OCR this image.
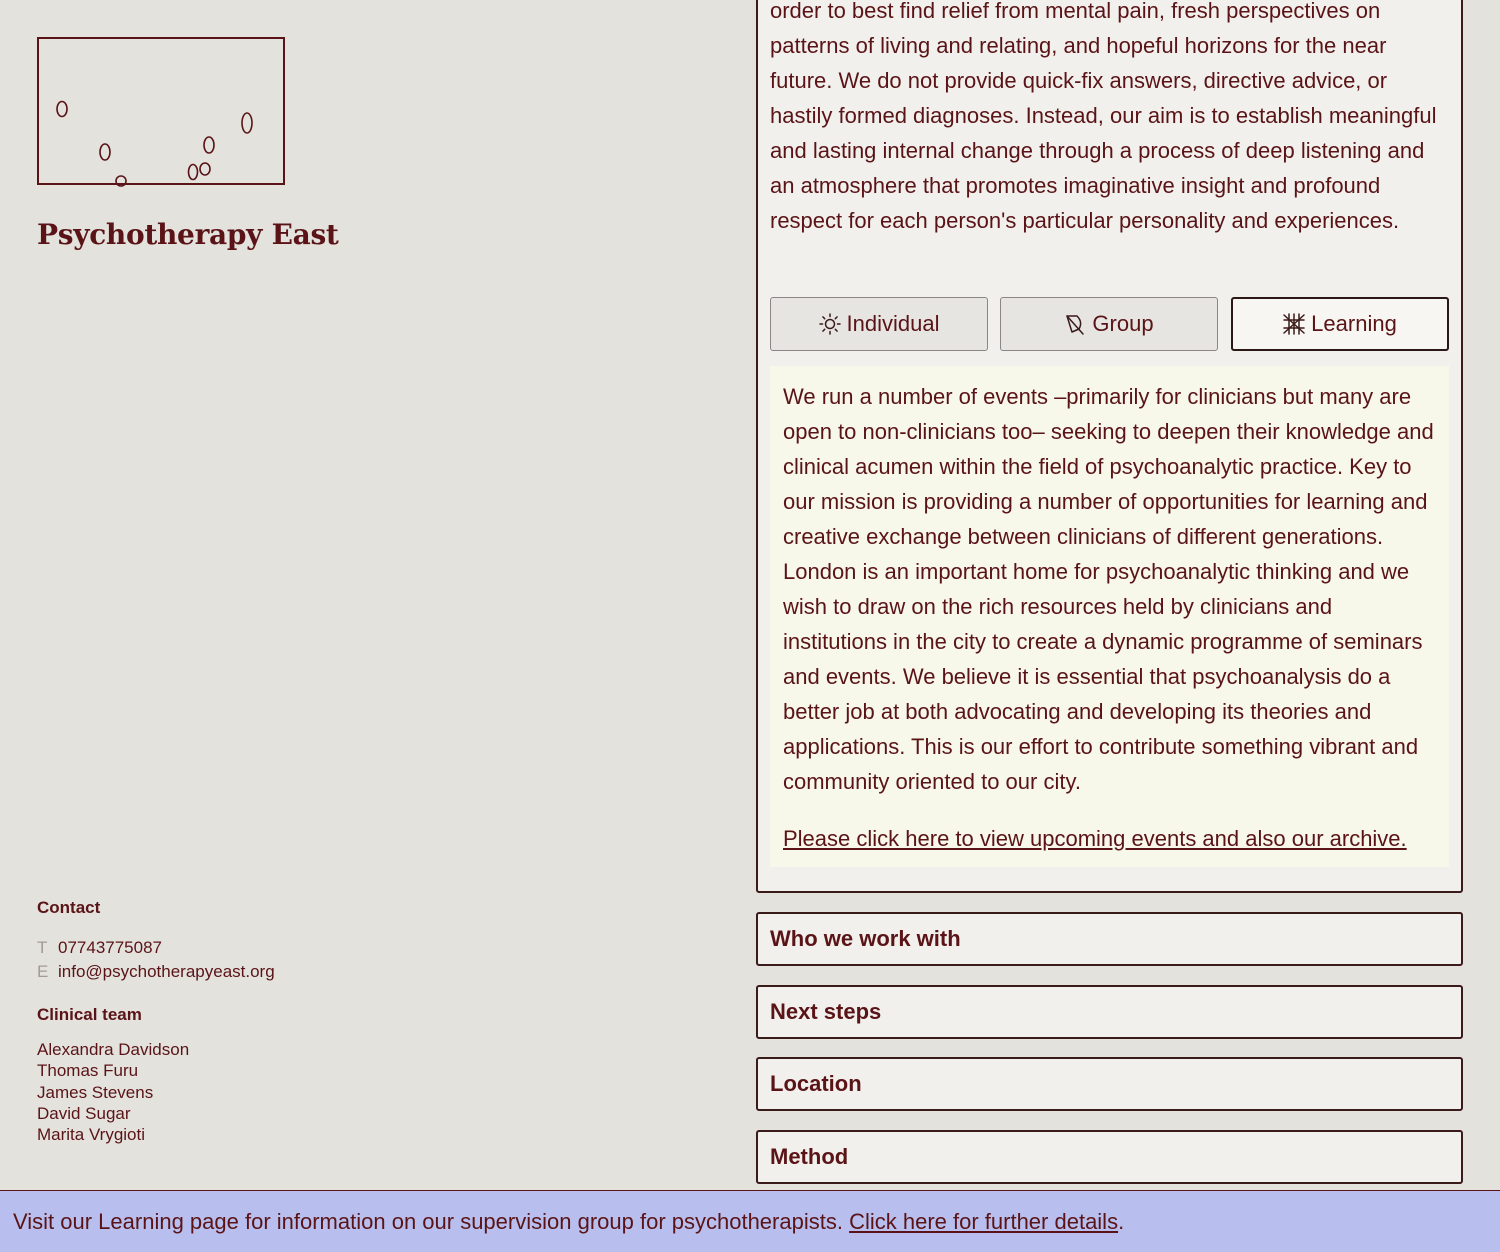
Psychotherapy East
Contact
T 07743775087
E info@psychotherapyeast.org
Clinical team
Alexandra Davidson
Thomas Furu
James Stevens
David Sugar
Marita Vrygioti

order to best find relief from mental pain, fresh perspectives on patterns of living and relating, and hopeful horizons for the near future. We do not provide quick-fix answers, directive advice, or hastily formed diagnoses. Instead, our aim is to establish meaningful and lasting internal change through a process of deep listening and an atmosphere that promotes imaginative insight and profound respect for each person's particular personality and experiences.

Individual	Group	Learning

We run a number of events –primarily for clinicians but many are open to non-clinicians too– seeking to deepen their knowledge and clinical acumen within the field of psychoanalytic practice. Key to our mission is providing a number of opportunities for learning and creative exchange between clinicians of different generations. London is an important home for psychoanalytic thinking and we wish to draw on the rich resources held by clinicians and institutions in the city to create a dynamic programme of seminars and events. We believe it is essential that psychoanalysis do a better job at both advocating and developing its theories and applications. This is our effort to contribute something vibrant and community oriented to our city.

Please click here to view upcoming events and also our archive.
Who we work with
Next steps
Location
Method
Visit our Learning page for information on our supervision group for psychotherapists.
Click here for further details .
